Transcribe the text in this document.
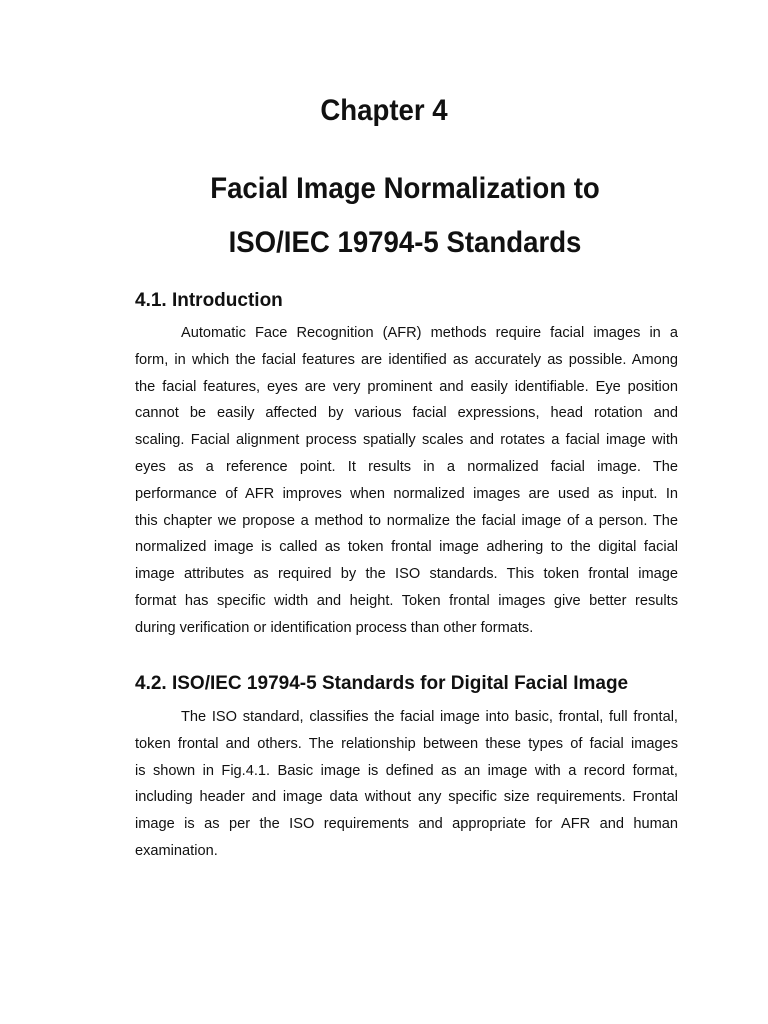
Chapter 4
Facial Image Normalization to
ISO/IEC 19794-5 Standards
4.1. Introduction
Automatic Face Recognition (AFR) methods require facial images in a
form, in which the facial features are identified as accurately as possible. Among
the facial features, eyes are very prominent and easily identifiable. Eye position
cannot be easily affected by various facial expressions, head rotation and
scaling. Facial alignment process spatially scales and rotates a facial image with
eyes as a reference point. It results in a normalized facial image. The
performance of AFR improves when normalized images are used as input. In
this chapter we propose a method to normalize the facial image of a person. The
normalized image is called as token frontal image adhering to the digital facial
image attributes as required by the ISO standards. This token frontal image
format has specific width and height. Token frontal images give better results
during verification or identification process than other formats.
4.2. ISO/IEC 19794-5 Standards for Digital Facial Image
The ISO standard, classifies the facial image into basic, frontal, full frontal,
token frontal and others. The relationship between these types of facial images
is shown in Fig.4.1. Basic image is defined as an image with a record format,
including header and image data without any specific size requirements. Frontal
image is as per the ISO requirements and appropriate for AFR and human
examination.
